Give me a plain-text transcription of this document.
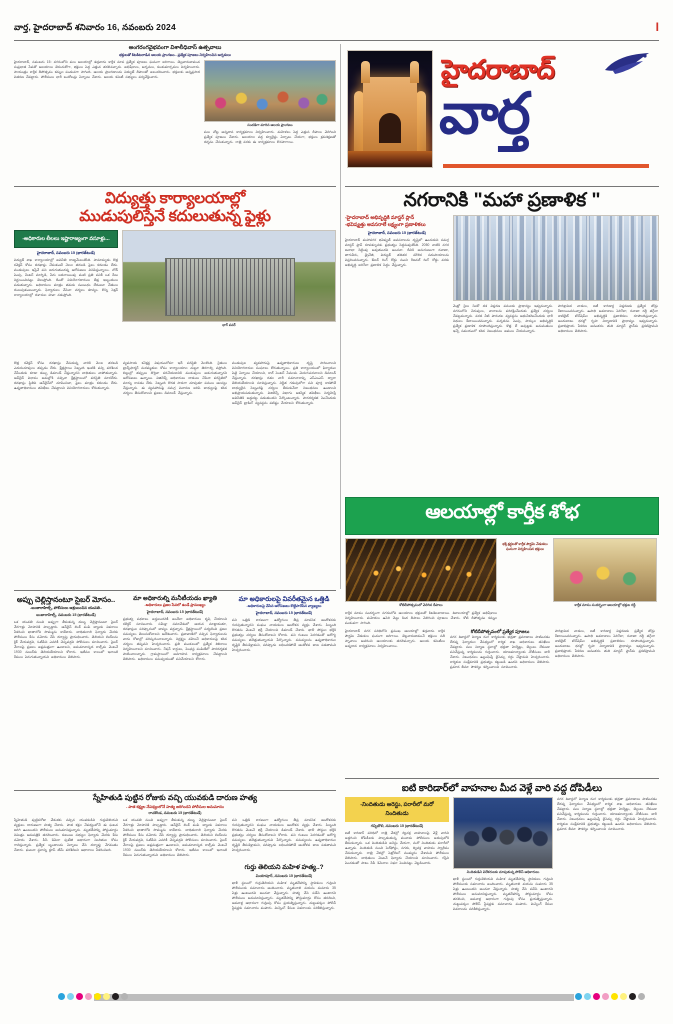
వార్త, హైదరాబాద్ శనివారం 16, నవంబరు 2024	I
అంగరంగవైభవంగా విశాలీధివాస్ ఉత్సవాలు
భక్తులతో కిటకిటలాడిన ఆలయ ప్రాంగణం.. ప్రత్యేక పూజలు నిర్వహించిన అర్చకులు
హైదరాబాద్, నవంబరు 15: నగరంలోని పలు ఆలయాల్లో శుక్రవారం కార్తీక మాస ప్రత్యేక పూజలు ఘనంగా జరిగాయి. తెల్లవారుజామున సుప్రభాత సేవతో ఆలయాలు తెరుచుకోగా, భక్తులు పెద్ద ఎత్తున తరలివచ్చారు. అభిషేకాలు, అర్చనలు, కుంకుమార్చనలు నిర్వహించారు. సాయంత్రం కార్తీక దీపోత్సవం కన్నుల పండువగా సాగింది. ఆలయ ప్రాంగణాలను విద్యుత్ దీపాలతో అలంకరించారు. భక్తులకు అన్నప్రసాద వితరణ చేపట్టారు. పోలీసులు భారీ బందోబస్తు ఏర్పాటు చేశారు. ఆలయ కమిటీ సభ్యులు పర్యవేక్షించారు.
సందడిగా మారిన ఆలయ ప్రాంగణం
పలు చోట్ల అన్నదాన కార్యక్రమాలు నిర్వహించారు. మహిళలు పెద్ద ఎత్తున దీపాలు వెలిగించి ప్రత్యేక పూజలు చేశారు. ఆలయాల వద్ద క్యూలైన్లు ఏర్పాటు చేయగా, భక్తులు క్రమశిక్షణతో దర్శనం చేసుకున్నారు. రాత్రి వరకు ఈ కార్యక్రమాలు కొనసాగాయి.
హైదరాబాద్
వార్త
విద్యుత్తు కార్యాలయాల్లో
ముడుపులిస్తేనే కదులుతున్న ఫైళ్లు
-అధికారుల లీలలు ఇష్టారాజ్యంగా వసూళ్లు...
హైదరాబాద్, నవంబరు 15 (భారత్‌టుడే)
విద్యుత్ శాఖ కార్యాలయాల్లో అవినీతి రాజ్యమేలుతోంది. సామాన్యుడు కొత్త కనెక్షన్ కోసం దరఖాస్తు చేసుకుంటే నెలల తరబడి ఫైలు కదలడం లేదు. ముడుపులు ఇస్తేనే పని జరుగుతుందన్న ఆరోపణలు వినిపిస్తున్నాయి. లోడ్ పెంపు, మీటర్ మార్పిడి, పేరు బదలాయింపు వంటి ప్రతి పనికీ ఒక రేటు నిర్ణయించినట్లు తెలుస్తోంది. దీంతో వినియోగదారులు తీవ్ర ఇబ్బందులు పడుతున్నారు. అధికారులు మాత్రం తమకు సంబంధం లేదంటూ చేతులు దులుపుకుంటున్నారు. ఫిర్యాదులు చేసినా చర్యలు శూన్యం. కొన్ని సెక్షన్ కార్యాలయాల్లో దళారుల హవా నడుస్తోంది.
భాగ్ పవర్
కొత్త కనెక్షన్ కోసం దరఖాస్తు చేసుకున్న వారికి నెలల తరబడి ఎదురుచూపులు తప్పడం లేదు. క్షేత్రస్థాయి సిబ్బంది ఇంటికి వచ్చి పరిశీలన చేసేందుకు కూడా డబ్బు డిమాండ్ చేస్తున్నారని బాధితులు వాపోతున్నారు. ఆన్‌లైన్ విధానం అమల్లోకి వచ్చినా క్షేత్రస్థాయిలో పరిస్థితి మారలేదు. దరఖాస్తు స్థితిని ఆన్‌లైన్‌లో చూపించినా, ఫైలు మాత్రం కదలడం లేదు. ఉన్నతాధికారులు తనిఖీలు చేపట్టాలని వినియోగదారులు కోరుతున్నారు.
వ్యవసాయ కనెక్షన్ల విషయంలోనూ ఇదే పరిస్థితి నెలకొంది. రైతులు ట్రాన్స్‌ఫార్మర్ మరమ్మతుల కోసం కార్యాలయాల చుట్టూ తిరగాల్సి వస్తోంది. బిల్లుల్లో తప్పులు దొర్లినా సరిచేయడానికి ముడుపులు అడుగుతున్నారని ఆరోపణలు ఉన్నాయి. విజిలెన్స్ అధికారులు దాడులు చేసినా పరిస్థితిలో మార్పు రావడం లేదు. సిబ్బంది కొరత సాకుగా చూపుతూ పనులు ఆలస్యం చేస్తున్నారు. ఈ వ్యవహారంపై సమగ్ర విచారణ జరిపి బాధ్యులపై కఠిన చర్యలు తీసుకోవాలని ప్రజలు డిమాండ్ చేస్తున్నారు.
ముడుపుల వ్యవహారంపై ఉన్నతాధికారులు దృష్టి సారించాలని వినియోగదారుల సంఘాలు కోరుతున్నాయి. ప్రతి కార్యాలయంలో ఫిర్యాదుల పెట్టె ఏర్పాటు చేయాలని, కాల్ సెంటర్ సేవలను మెరుగుపరచాలని డిమాండ్ చేస్తున్నారు. దరఖాస్తు దశల వారీ సమాచారాన్ని ఎస్ఎంఎస్ ద్వారా తెలియజేయాలని సూచిస్తున్నారు. నిర్ణీత గడువులోగా పని పూర్తి కాకపోతే బాధ్యులైన సిబ్బందిపై చర్యలు తీసుకునేలా నిబంధనలు ఉండాలని అభిప్రాయపడుతున్నారు. విజిలెన్స్ విభాగం ఆకస్మిక తనిఖీలు నిర్వహిస్తే అవినీతికి అడ్డుకట్ట పడుతుందని పేర్కొంటున్నారు. పారదర్శకత పెంచేందుకు ఆన్‌లైన్ ట్రాకింగ్ వ్యవస్థను పటిష్టం చేయాలని కోరుతున్నారు.
నగరానికి "మహా ప్రణాళిక "
-హైదరాబాద్ అభివృద్ధికి మాస్టర్ ప్లాన్
-భవిష్యత్తు అవసరాలే లక్ష్యంగా ప్రణాళికలు
హైదరాబాద్, నవంబరు 15 (భారత్‌టుడే)
హైదరాబాద్ మహానగర భవిష్యత్ అవసరాలను దృష్టిలో ఉంచుకుని సమగ్ర మాస్టర్ ప్లాన్ రూపకల్పనకు ప్రభుత్వం సిద్ధమవుతోంది. 2050 నాటికి నగర జనాభా రెట్టింపు అవుతుందని అంచనా. దీనికి అనుగుణంగా రవాణా, తాగునీరు, డ్రైనేజీ, విద్యుత్ తదితర మౌలిక సదుపాయాలను విస్తరించనున్నారు. ఔటర్ రింగ్ రోడ్డు నుంచి రీజనల్ రింగ్ రోడ్డు వరకు అభివృద్ధి జరిగేలా ప్రణాళిక సిద్ధం చేస్తున్నారు.
మెట్రో రైలు రెండో దశ విస్తరణ పనులకు ప్రాధాన్యం ఇవ్వనున్నారు. నగరంలోని చెరువులు, నాలాలను పరిరక్షించేందుకు ప్రత్యేక చర్యలు చేపట్టనున్నారు. వరద నీటి పారుదల వ్యవస్థను ఆధునీకరించేందుకు భారీ నిధులు కేటాయించనున్నారు. పచ్చదనం పెంపు, పార్కుల అభివృద్ధికి ప్రత్యేక ప్రణాళిక రూపొందిస్తున్నారు. కొత్త లే అవుట్లకు అనుమతులు ఇచ్చే సమయంలో కఠిన నిబంధనలు అమలు చేయనున్నారు.
పారిశ్రామిక వాడలు, ఐటీ కారిడార్ల విస్తరణకు ప్రత్యేక జోన్లు కేటాయించనున్నారు. ఉపాధి అవకాశాలు పెరిగేలా, రవాణా రద్దీ తగ్గేలా శాటిలైట్ టౌన్‌షిప్‌ల అభివృద్ధికి ప్రణాళికలు రూపొందిస్తున్నారు. అందుబాటు ధరల్లో గృహ నిర్మాణానికి ప్రాధాన్యం ఇవ్వనున్నారు. ప్రజాభిప్రాయ సేకరణ అనంతరం తుది మాస్టర్ ప్లాన్‌ను ప్రకటిస్తామని అధికారులు తెలిపారు.
ఆలయాల్లో కార్తీక శోభ
కోటిదీపోత్సవంలో వెలిగిన దీపాలు
భక్తి శ్రద్ధలతో కార్తీక పౌర్ణమి వేడుకలు ఘనంగా నిర్వహించిన భక్తులు
కార్తీక మాసం సందర్భంగా ఆలయాల్లో భక్తుల రద్దీ
కార్తీక మాసం సందర్భంగా నగరంలోని ఆలయాలు భక్తులతో కిటకిటలాడాయి. శివాలయాల్లో ప్రత్యేక అభిషేకాలు నిర్వహించారు. మహిళలు ఉసిరి చెట్టు కింద దీపాలు వెలిగించి పూజలు చేశారు. కోటి దీపోత్సవం కన్నుల పండువగా సాగింది.
హైదరాబాద్ నగర పరిధిలోని ప్రముఖ ఆలయాల్లో శుక్రవారం కార్తీక పౌర్ణమి వేడుకలు ఘనంగా జరిగాయి. తెల్లవారుజామునే భక్తులు నదీ స్నానాలు ఆచరించి ఆలయాలకు తరలివచ్చారు. ఆలయ కమిటీలు అన్నదాన కార్యక్రమాలు నిర్వహించాయి.
కోటిదీపోత్సవంలో ప్రత్యేక పూజలు
నగర శివార్లలో నిర్మాణ రంగ కార్మికులకు భద్రతా ప్రమాణాలు పాటించడం లేదన్న ఫిర్యాదుల నేపథ్యంలో కార్మిక శాఖ అధికారులు తనిఖీలు చేపట్టారు. పలు నిర్మాణ స్థలాల్లో భద్రతా హెల్మెట్లు, బెల్టులు లేకుండా పనిచేస్తున్న కార్మికులను గుర్తించారు. యాజమాన్యాలకు నోటీసులు జారీ చేశారు. నిబంధనలు ఉల్లంఘిస్తే లైసెన్సు రద్దు చేస్తామని హెచ్చరించారు. కార్మికుల సంక్షేమానికి ప్రభుత్వం కట్టుబడి ఉందని అధికారులు తెలిపారు. ప్రమాద బీమా సౌకర్యం కల్పించాలని సూచించారు.
పారిశ్రామిక వాడలు, ఐటీ కారిడార్ల విస్తరణకు ప్రత్యేక జోన్లు కేటాయించనున్నారు. ఉపాధి అవకాశాలు పెరిగేలా, రవాణా రద్దీ తగ్గేలా శాటిలైట్ టౌన్‌షిప్‌ల అభివృద్ధికి ప్రణాళికలు రూపొందిస్తున్నారు. అందుబాటు ధరల్లో గృహ నిర్మాణానికి ప్రాధాన్యం ఇవ్వనున్నారు. ప్రజాభిప్రాయ సేకరణ అనంతరం తుది మాస్టర్ ప్లాన్‌ను ప్రకటిస్తామని అధికారులు తెలిపారు.
అప్పు చెల్లిస్తానంటూ సైబర్ మోసం..
-బంజారాహిల్స్, పోలీసులు ఆశ్రయించిన యువతి..
బంజారాహిల్స్, నవంబరు 15 (భారత్‌టుడే)
ఒక యువతి నుంచి అప్పుగా తీసుకున్న డబ్బు చెల్లిస్తానంటూ సైబర్ నేరగాళ్లు మోసానికి పాల్పడ్డారు. ఆన్‌లైన్ లింక్ పంపి బ్యాంకు వివరాలు సేకరించి ఖాతాలోని సొమ్మును కాజేశారు. బాధితురాలి ఫిర్యాదు మేరకు పోలీసులు కేసు నమోదు చేసి దర్యాప్తు ప్రారంభించారు. తెలియని లింక్‌లను క్లిక్ చేయవద్దని, ఓటీపీని ఎవరికీ చెప్పవద్దని పోలీసులు సూచించారు. సైబర్ నేరాలపై ప్రజలు అప్రమత్తంగా ఉండాలని, అనుమానాస్పద కాల్స్‌ను వెంటనే 1930 నంబర్‌కు తెలియజేయాలని కోరారు. ఇటీవల కాలంలో ఇలాంటి కేసులు పెరుగుతున్నాయని అధికారులు తెలిపారు.
మా అధికారుల్ని మనీటీయడం ఖ్యాతి
-అధికారులు ప్రజల సేవలో ఉండే ప్రాముఖ్యం
హైదరాబాద్, నవంబరు 15 (భారత్‌టుడే)
ప్రభుత్వ పథకాలు అర్హులందరికీ అందేలా అధికారులు కృషి చేయాలని కలెక్టర్ సూచించారు. సమీక్షా సమావేశంలో ఆయన మాట్లాడుతూ, దరఖాస్తుల పరిష్కారంలో జాప్యం వద్దన్నారు. క్షేత్రస్థాయిలో పర్యటించి ప్రజల సమస్యలు తెలుసుకోవాలని ఆదేశించారు. ప్రజావాణిలో వచ్చిన ఫిర్యాదులను వారం రోజుల్లో పరిష్కరించాలన్నారు. నిర్లక్ష్యం వహించే అధికారులపై కఠిన చర్యలు తప్పవని హెచ్చరించారు. ప్రతి మండలంలో ప్రత్యేక శిబిరాలు నిర్వహించాలని సూచించారు. రేషన్ కార్డులు, పింఛన్ల పంపిణీలో పారదర్శకత పాటించాలన్నారు. గ్రామస్థాయిలో అవగాహన కార్యక్రమాలు చేపట్టాలని తెలిపారు. అధికారులు సమన్వయంతో పనిచేయాలని కోరారు.
మా అధికారులపై వివరీతమైన ఒత్తిడి
-అధికారులపై చేసిన ఆరోపణలు కొట్టిపారేసిన వ్యాఖ్యలు
హైదరాబాద్, నవంబరు 15 (భారత్‌టుడే)
పని ఒత్తిడి కారణంగా ఉద్యోగులు తీవ్ర మానసిక ఆందోళనకు గురవుతున్నారని సంఘం నాయకులు ఆందోళన వ్యక్తం చేశారు. సిబ్బంది కొరతను వెంటనే భర్తీ చేయాలని డిమాండ్ చేశారు. ఖాళీ పోస్టుల భర్తీకి ప్రభుత్వం చర్యలు తీసుకోవాలని కోరారు. పని గంటలు పెరగడంతో ఆరోగ్య సమస్యలు తలెత్తుతున్నాయని పేర్కొన్నారు. సమస్యలను ఉన్నతాధికారుల దృష్టికి తీసుకెళ్లామని, పరిష్కారం లభించకపోతే ఆందోళన బాట పడతామని హెచ్చరించారు.
స్నేహితుడి పుట్టిన రోజుకు వచ్చి యువకుడి దారుణ హత్య
- పాత కక్ష్యల నేపథ్యంలోనే హత్య జరిగిందని పోలీసుల అనుమానం
రాచకొండ, నవంబరు 15 (భారత్‌టుడే)
స్నేహితుడి పుట్టినరోజు వేడుకకు వచ్చిన యువకుడిని గుర్తుతెలియని వ్యక్తులు దారుణంగా హత్య చేశారు. పాత కక్షల నేపథ్యంలోనే ఈ ఘటన జరిగి ఉంటుందని పోలీసులు అనుమానిస్తున్నారు. మృతదేహాన్ని పోస్టుమార్టం నిమిత్తం ఆసుపత్రికి తరలించారు. కుటుంబ సభ్యుల ఫిర్యాదు మేరకు కేసు నమోదు చేశారు. సీసీ కెమెరా ఫుటేజీ ఆధారంగా నిందితుల కోసం గాలిస్తున్నారు. ప్రత్యేక బృందాలను ఏర్పాటు చేసి దర్యాప్తు వేగవంతం చేశారు. ఘటనా స్థలాన్ని క్లూస్ టీమ్ పరిశీలించి ఆధారాలు సేకరించింది.
ఒక యువతి నుంచి అప్పుగా తీసుకున్న డబ్బు చెల్లిస్తానంటూ సైబర్ నేరగాళ్లు మోసానికి పాల్పడ్డారు. ఆన్‌లైన్ లింక్ పంపి బ్యాంకు వివరాలు సేకరించి ఖాతాలోని సొమ్మును కాజేశారు. బాధితురాలి ఫిర్యాదు మేరకు పోలీసులు కేసు నమోదు చేసి దర్యాప్తు ప్రారంభించారు. తెలియని లింక్‌లను క్లిక్ చేయవద్దని, ఓటీపీని ఎవరికీ చెప్పవద్దని పోలీసులు సూచించారు. సైబర్ నేరాలపై ప్రజలు అప్రమత్తంగా ఉండాలని, అనుమానాస్పద కాల్స్‌ను వెంటనే 1930 నంబర్‌కు తెలియజేయాలని కోరారు. ఇటీవల కాలంలో ఇలాంటి కేసులు పెరుగుతున్నాయని అధికారులు తెలిపారు.
పని ఒత్తిడి కారణంగా ఉద్యోగులు తీవ్ర మానసిక ఆందోళనకు గురవుతున్నారని సంఘం నాయకులు ఆందోళన వ్యక్తం చేశారు. సిబ్బంది కొరతను వెంటనే భర్తీ చేయాలని డిమాండ్ చేశారు. ఖాళీ పోస్టుల భర్తీకి ప్రభుత్వం చర్యలు తీసుకోవాలని కోరారు. పని గంటలు పెరగడంతో ఆరోగ్య సమస్యలు తలెత్తుతున్నాయని పేర్కొన్నారు. సమస్యలను ఉన్నతాధికారుల దృష్టికి తీసుకెళ్లామని, పరిష్కారం లభించకపోతే ఆందోళన బాట పడతామని హెచ్చరించారు.
గుర్తు తెలియని మహిళ హత్య..?
మియాపూర్, నవంబరు 15 (భారత్‌టుడే)
ఖాళీ స్థలంలో గుర్తుతెలియని మహిళ మృతదేహాన్ని స్థానికులు గుర్తించి పోలీసులకు సమాచారం అందించారు. మృతురాలి వయసు సుమారు 35 ఏళ్లు ఉంటుందని అంచనా వేస్తున్నారు. హత్య చేసి పడేసి ఉంటారని పోలీసులు అనుమానిస్తున్నారు. మృతదేహాన్ని పోస్టుమార్టం కోసం తరలించి, ఆనవాళ్ల ఆధారంగా గుర్తింపు కోసం ప్రయత్నిస్తున్నారు. చుట్టుపక్కల పోలీస్ స్టేషన్లకు సమాచారం పంపారు. మిస్సింగ్ కేసుల వివరాలను పరిశీలిస్తున్నారు.
ఐటి కారిడార్‌లో వాహనాల మీద వెళ్లే వారి వద్ద దోపిడీలు
-నిందితుడు అరెస్టు, పరారీలో మరో నిందితుడు
గచ్చిబౌలి, నవంబరు 15 (భారత్‌టుడే)
ఐటీ కారిడార్ పరిధిలో రాత్రి వేళల్లో ద్విచక్ర వాహనాలపై వెళ్లే వారిని అడ్డగించి దోపిడీలకు పాల్పడుతున్న ముఠాను పోలీసులు అదుపులోకి తీసుకున్నారు. ఒక నిందితుడిని అరెస్టు చేయగా, మరో నిందితుడు పరారీలో ఉన్నాడు. నిందితుడి నుంచి సెల్‌ఫోన్లు, నగదు, ద్విచక్ర వాహనం స్వాధీనం చేసుకున్నారు. రాత్రి వేళల్లో పెట్రోలింగ్ ముమ్మరం చేశామని పోలీసులు తెలిపారు. బాధితులు వెంటనే ఫిర్యాదు చేయాలని సూచించారు. గస్తీని పెంచడంతో పాటు సీసీ కెమెరాల నిఘా పెంచినట్లు వెల్లడించారు.
నిందితుడిని విలేకరులకు చూపుతున్న పోలీస్ అధికారులు
ఖాళీ స్థలంలో గుర్తుతెలియని మహిళ మృతదేహాన్ని స్థానికులు గుర్తించి పోలీసులకు సమాచారం అందించారు. మృతురాలి వయసు సుమారు 35 ఏళ్లు ఉంటుందని అంచనా వేస్తున్నారు. హత్య చేసి పడేసి ఉంటారని పోలీసులు అనుమానిస్తున్నారు. మృతదేహాన్ని పోస్టుమార్టం కోసం తరలించి, ఆనవాళ్ల ఆధారంగా గుర్తింపు కోసం ప్రయత్నిస్తున్నారు. చుట్టుపక్కల పోలీస్ స్టేషన్లకు సమాచారం పంపారు. మిస్సింగ్ కేసుల వివరాలను పరిశీలిస్తున్నారు.
నగర శివార్లలో నిర్మాణ రంగ కార్మికులకు భద్రతా ప్రమాణాలు పాటించడం లేదన్న ఫిర్యాదుల నేపథ్యంలో కార్మిక శాఖ అధికారులు తనిఖీలు చేపట్టారు. పలు నిర్మాణ స్థలాల్లో భద్రతా హెల్మెట్లు, బెల్టులు లేకుండా పనిచేస్తున్న కార్మికులను గుర్తించారు. యాజమాన్యాలకు నోటీసులు జారీ చేశారు. నిబంధనలు ఉల్లంఘిస్తే లైసెన్సు రద్దు చేస్తామని హెచ్చరించారు. కార్మికుల సంక్షేమానికి ప్రభుత్వం కట్టుబడి ఉందని అధికారులు తెలిపారు. ప్రమాద బీమా సౌకర్యం కల్పించాలని సూచించారు.
